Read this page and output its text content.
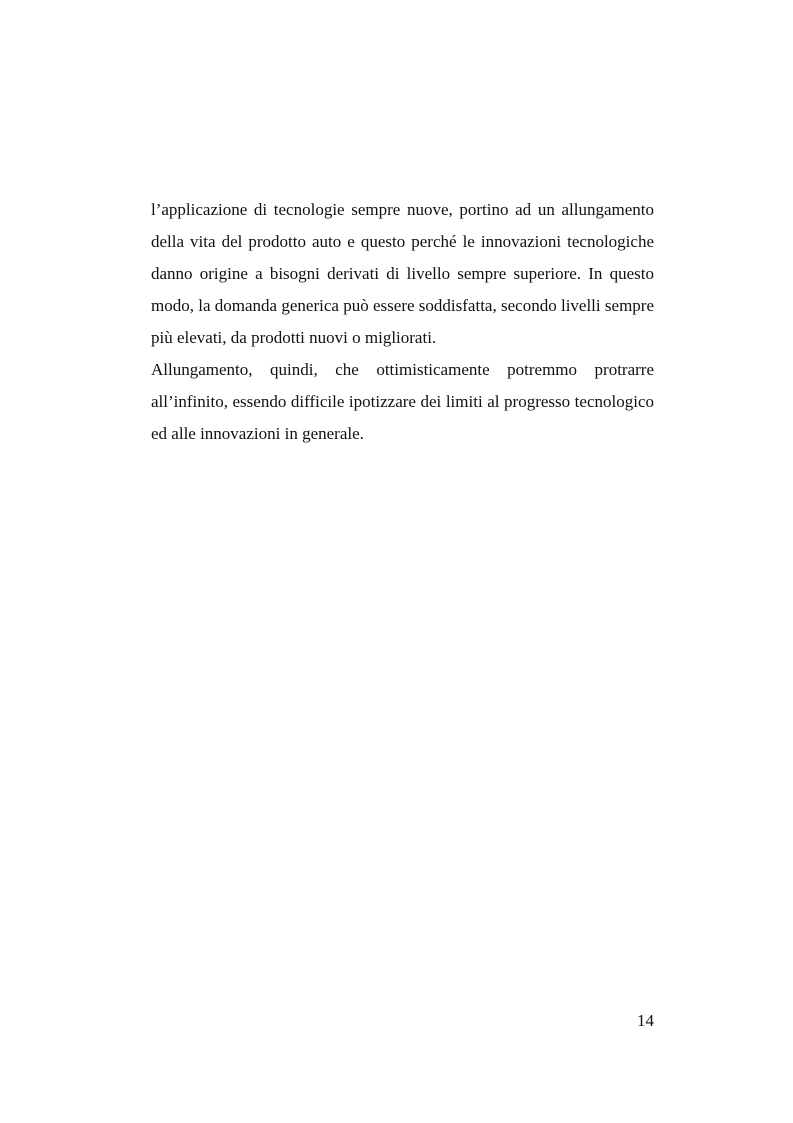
l’applicazione di tecnologie sempre nuove, portino ad un allungamento della vita del prodotto auto e questo perché le innovazioni tecnologiche danno origine a bisogni derivati di livello sempre superiore. In questo modo, la domanda generica può essere soddisfatta, secondo livelli sempre più elevati, da prodotti nuovi o migliorati.

Allungamento, quindi, che ottimisticamente potremmo protrarre all’infinito, essendo difficile ipotizzare dei limiti al progresso tecnologico ed alle innovazioni in generale.

14
